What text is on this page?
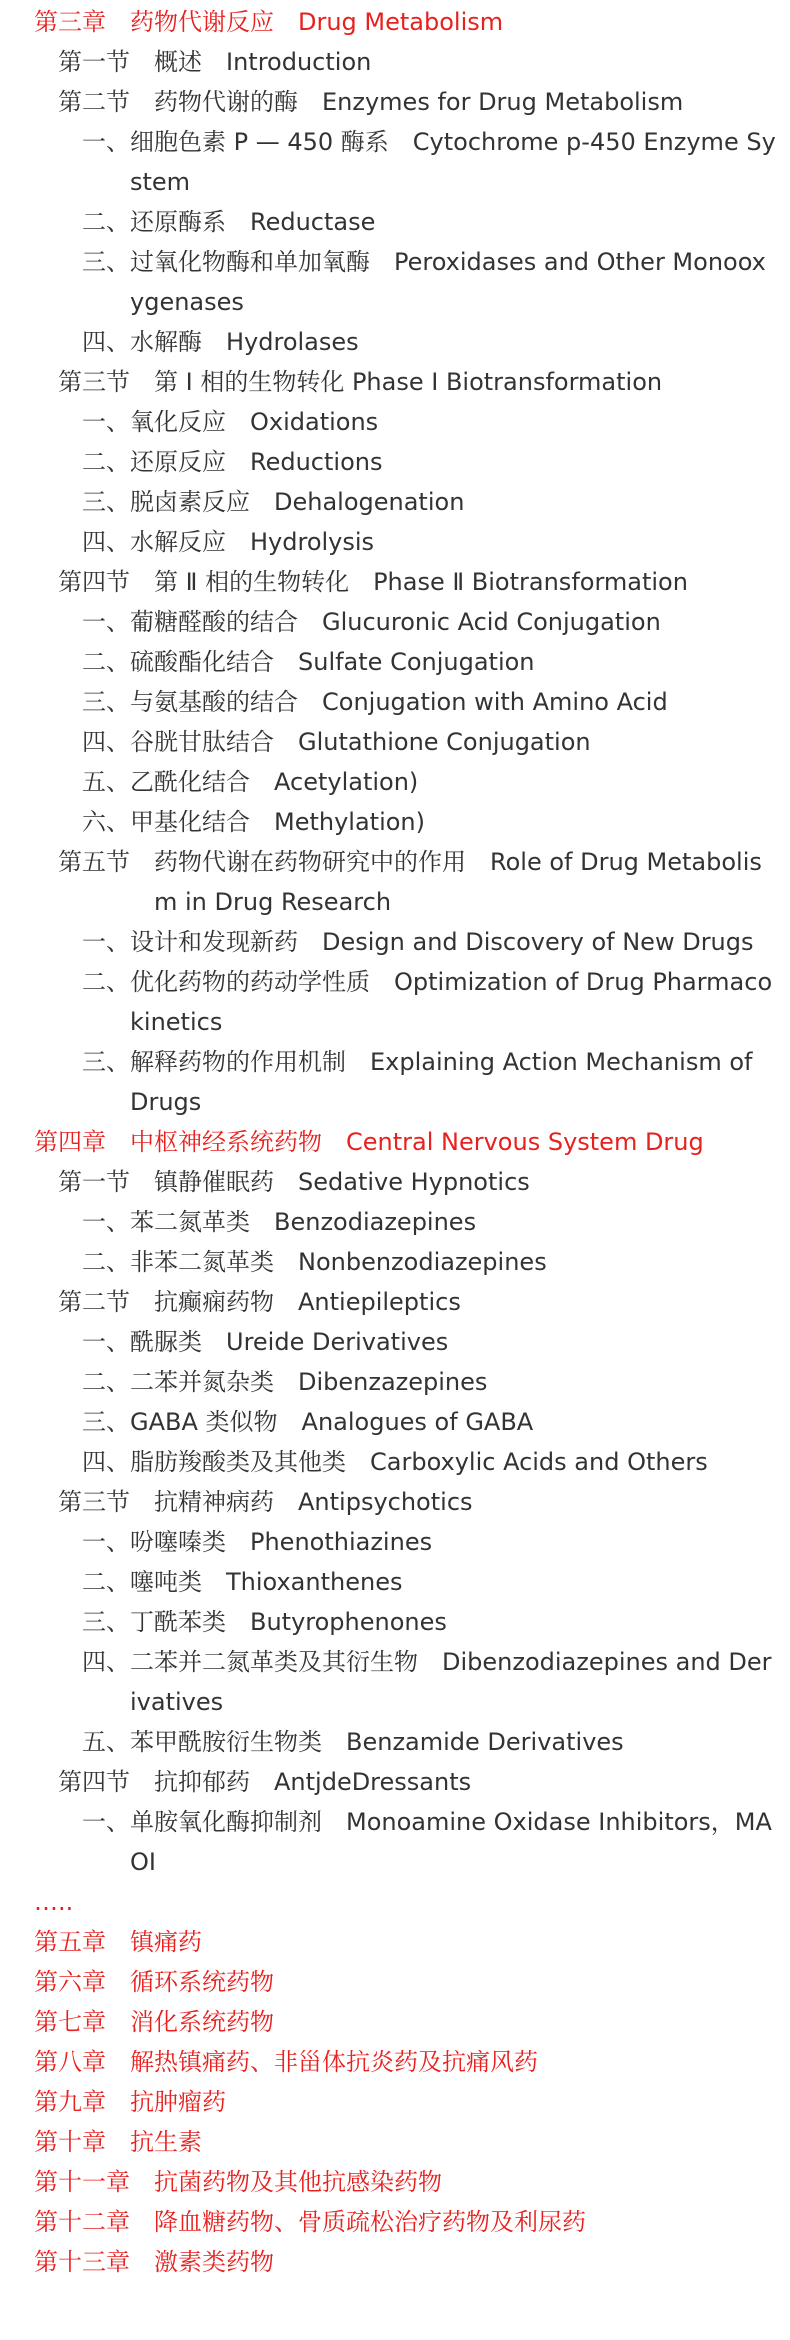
第三章　药物代谢反应　Drug Metabolism
第一节　概述　Introduction
第二节　药物代谢的酶　Enzymes for Drug Metabolism
一、细胞色素 P — 450 酶系　Cytochrome p-450 Enzyme System
二、还原酶系　Reductase
三、过氧化物酶和单加氧酶　Peroxidases and Other Monooxygenases
四、水解酶　Hydrolases
第三节　第 Ⅰ 相的生物转化 Phase Ⅰ Biotransformation
一、氧化反应　Oxidations
二、还原反应　Reductions
三、脱卤素反应　Dehalogenation
四、水解反应　Hydrolysis
第四节　第 Ⅱ 相的生物转化　Phase Ⅱ Biotransformation
一、葡糖醛酸的结合　Glucuronic Acid Conjugation
二、硫酸酯化结合　Sulfate Conjugation
三、与氨基酸的结合　Conjugation with Amino Acid
四、谷胱甘肽结合　Glutathione Conjugation
五、乙酰化结合　Acetylation)
六、甲基化结合　Methylation)
第五节　药物代谢在药物研究中的作用　Role of Drug Metabolism in Drug Research
一、设计和发现新药　Design and Discovery of New Drugs
二、优化药物的药动学性质　Optimization of Drug Pharmacokinetics
三、解释药物的作用机制　Explaining Action Mechanism of Drugs
第四章　中枢神经系统药物　Central Nervous System Drug
第一节　镇静催眠药　Sedative Hypnotics
一、苯二氮革类　Benzodiazepines
二、非苯二氮革类　Nonbenzodiazepines
第二节　抗癫痫药物　Antiepileptics
一、酰脲类　Ureide Derivatives
二、二苯并氮杂类　Dibenzazepines
三、GABA 类似物　Analogues of GABA
四、脂肪羧酸类及其他类　Carboxylic Acids and Others
第三节　抗精神病药　Antipsychotics
一、吩噻嗪类　Phenothiazines
二、噻吨类　Thioxanthenes
三、丁酰苯类　Butyrophenones
四、二苯并二氮革类及其衍生物　Dibenzodiazepines and Derivatives
五、苯甲酰胺衍生物类　Benzamide Derivatives
第四节　抗抑郁药　AntjdeDressants
一、单胺氧化酶抑制剂　Monoamine Oxidase Inhibitors，MAOI
…..
第五章　镇痛药
第六章　循环系统药物
第七章　消化系统药物
第八章　解热镇痛药、非甾体抗炎药及抗痛风药
第九章　抗肿瘤药
第十章　抗生素
第十一章　抗菌药物及其他抗感染药物
第十二章　降血糖药物、骨质疏松治疗药物及利尿药
第十三章　激素类药物
